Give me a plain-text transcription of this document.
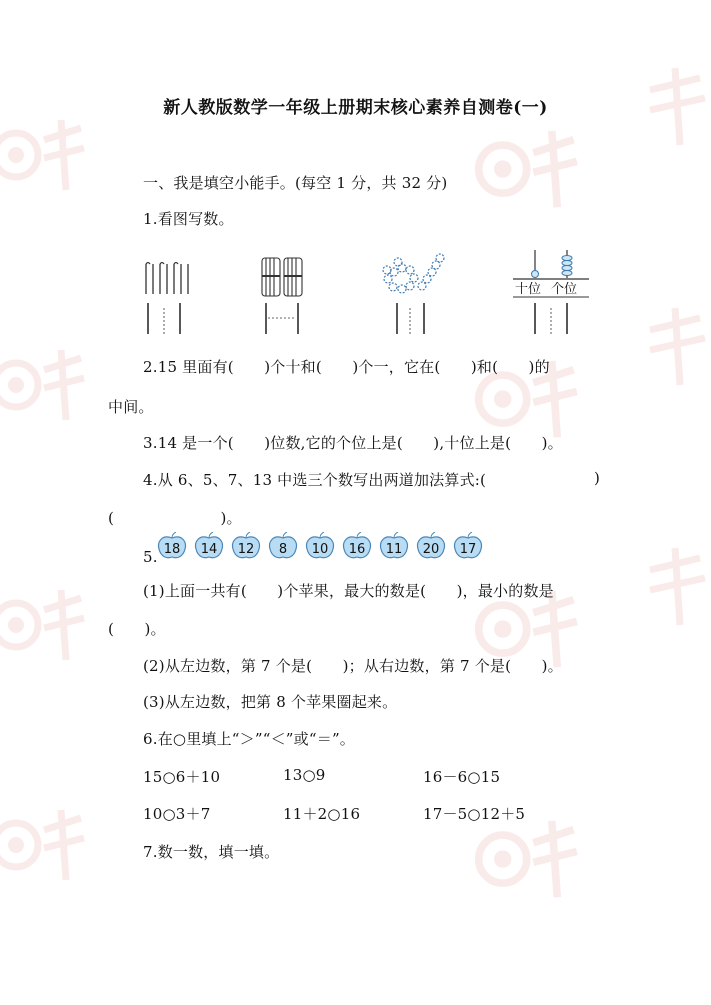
新人教版数学一年级上册期末核心素养自测卷(一)
一、我是填空小能手。(每空 1 分，共 32 分)
1.看图写数。
十位 个位
2.15 里面有(　　)个十和(　　)个一，它在(　　)和(　　)的
中间。
3.14 是一个(　　)位数,它的个位上是(　　),十位上是(　　)。
4.从 6、5、7、13 中选三个数写出两道加法算式:(	)
(　　　　　　　)。
5. 18	14	12	8	10	16	11	20	17
(1)上面一共有(　　)个苹果，最大的数是(　　)，最小的数是
(　　)。
(2)从左边数，第 7 个是(　　)；从右边数，第 7 个是(　　)。
(3)从左边数，把第 8 个苹果圈起来。
6.在○里填上“＞”“＜”或“＝”。
15○6＋10	13○9	16－6○15
10○3＋7	11＋2○16	17－5○12＋5
7.数一数，填一填。
